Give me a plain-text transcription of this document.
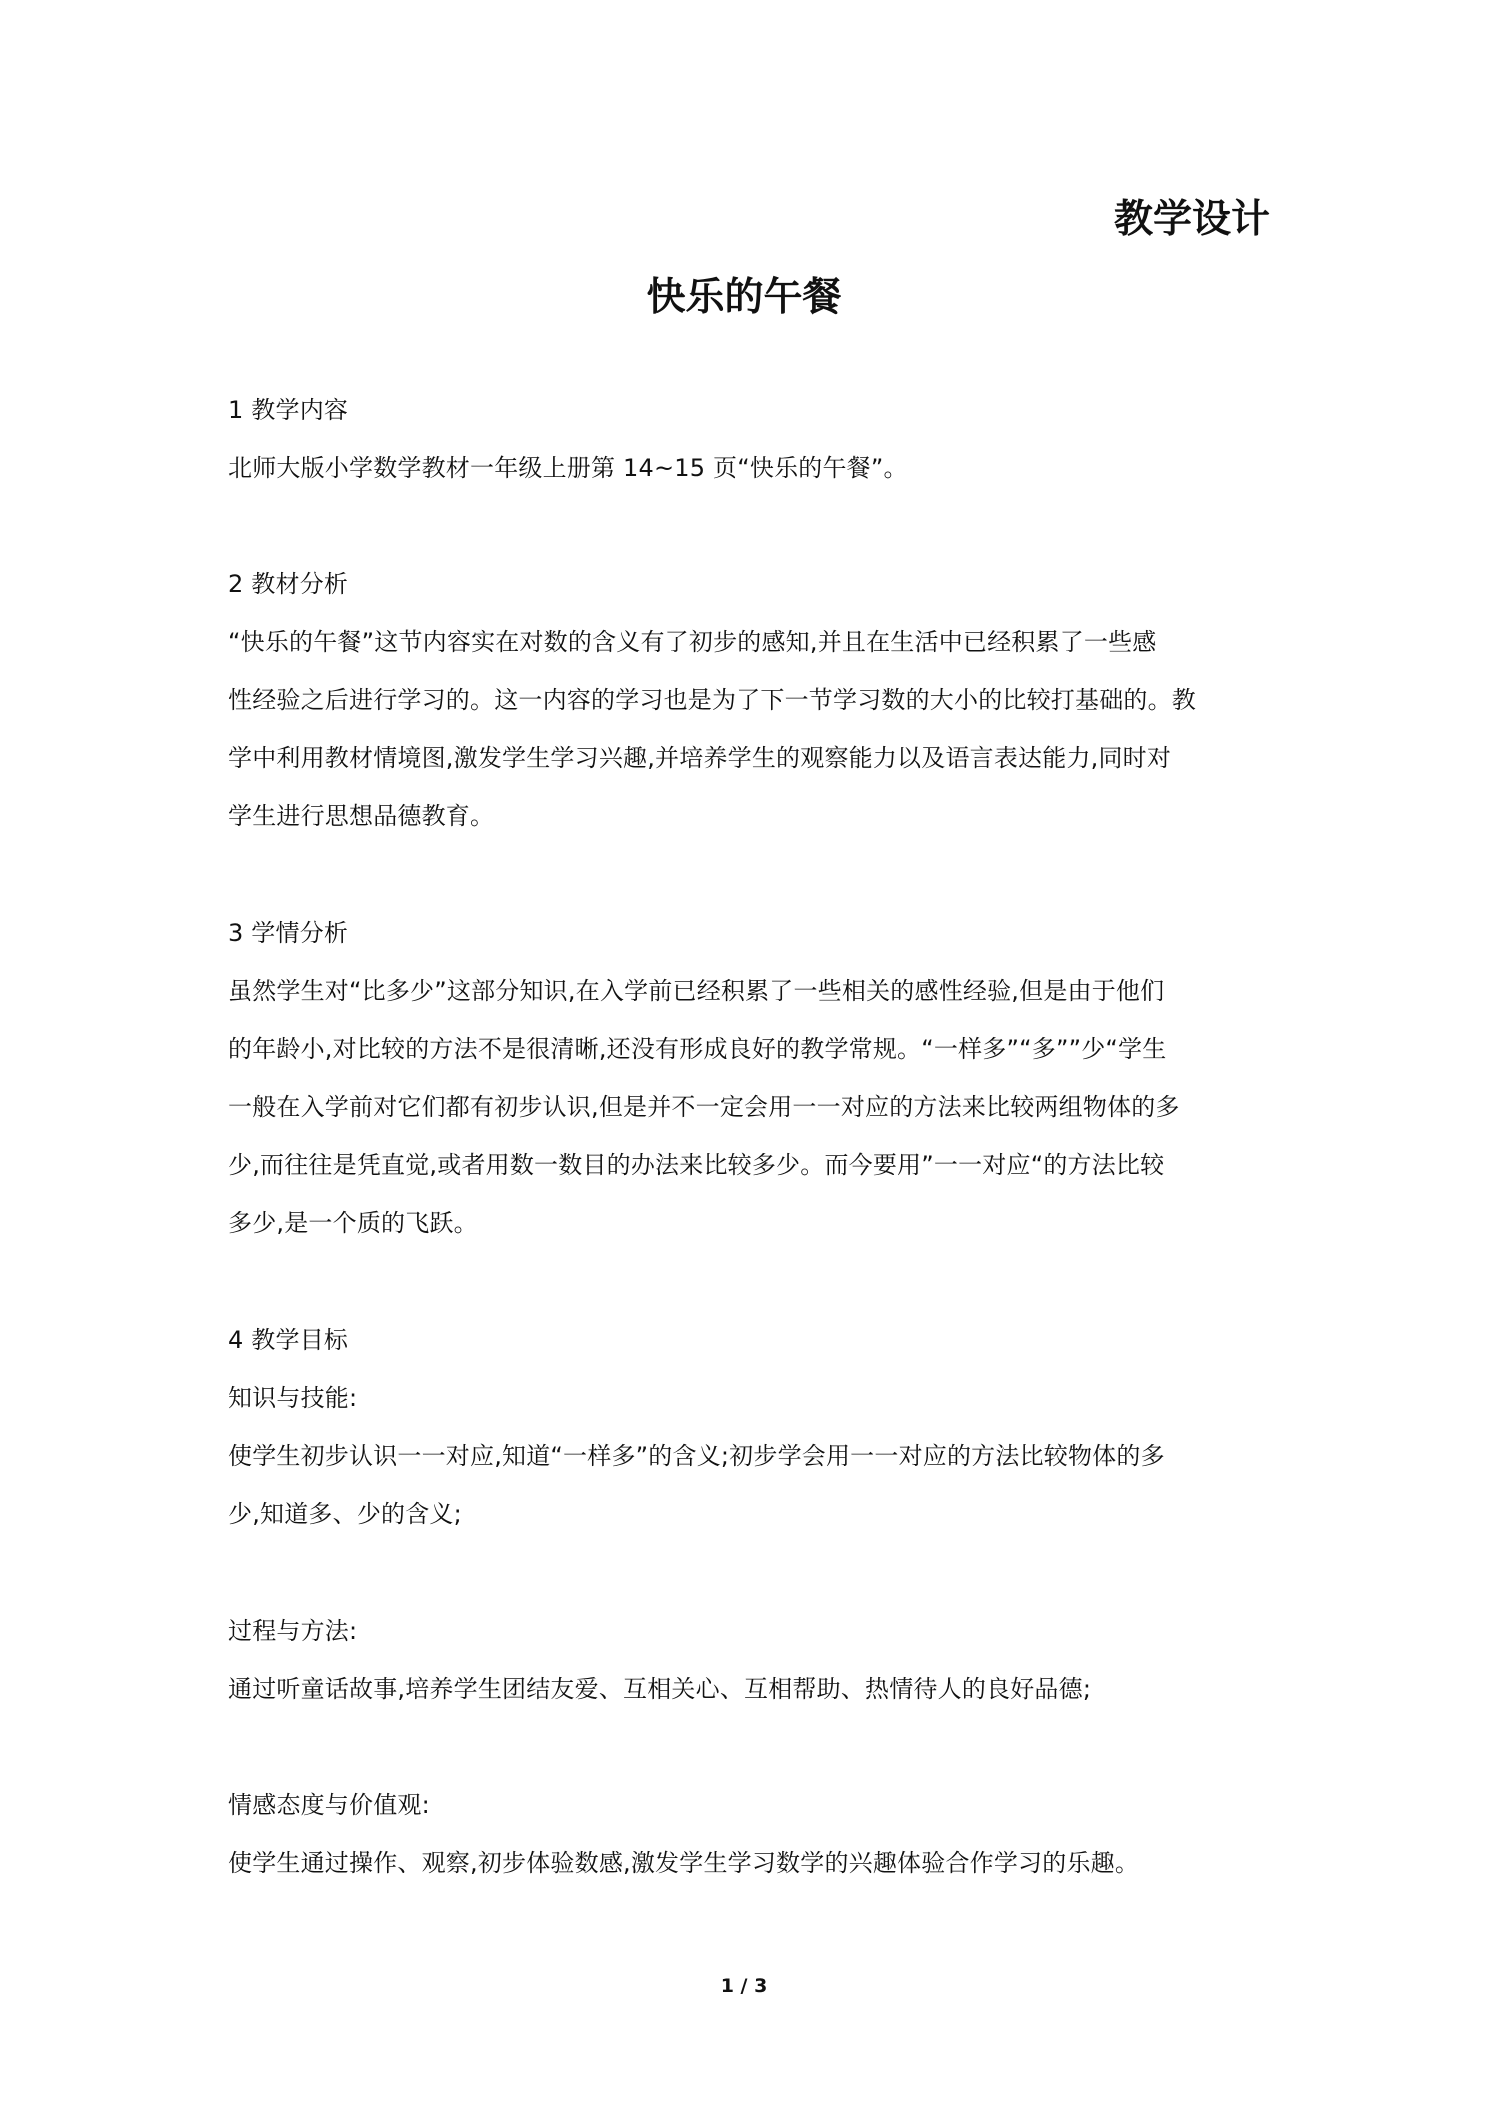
教学设计
快乐的午餐
1 教学内容
北师大版小学数学教材一年级上册第 14~15 页“快乐的午餐”。
2 教材分析
“快乐的午餐”这节内容实在对数的含义有了初步的感知,并且在生活中已经积累了一些感
性经验之后进行学习的。这一内容的学习也是为了下一节学习数的大小的比较打基础的。教
学中利用教材情境图,激发学生学习兴趣,并培养学生的观察能力以及语言表达能力,同时对
学生进行思想品德教育。
3 学情分析
虽然学生对“比多少”这部分知识,在入学前已经积累了一些相关的感性经验,但是由于他们
的年龄小,对比较的方法不是很清晰,还没有形成良好的教学常规。“一样多”“多””少“学生
一般在入学前对它们都有初步认识,但是并不一定会用一一对应的方法来比较两组物体的多
少,而往往是凭直觉,或者用数一数目的办法来比较多少。而今要用”一一对应“的方法比较
多少,是一个质的飞跃。
4 教学目标
知识与技能:
使学生初步认识一一对应,知道“一样多”的含义;初步学会用一一对应的方法比较物体的多
少,知道多、少的含义;
过程与方法:
通过听童话故事,培养学生团结友爱、互相关心、互相帮助、热情待人的良好品德;
情感态度与价值观:
使学生通过操作、观察,初步体验数感,激发学生学习数学的兴趣体验合作学习的乐趣。
1 / 3
